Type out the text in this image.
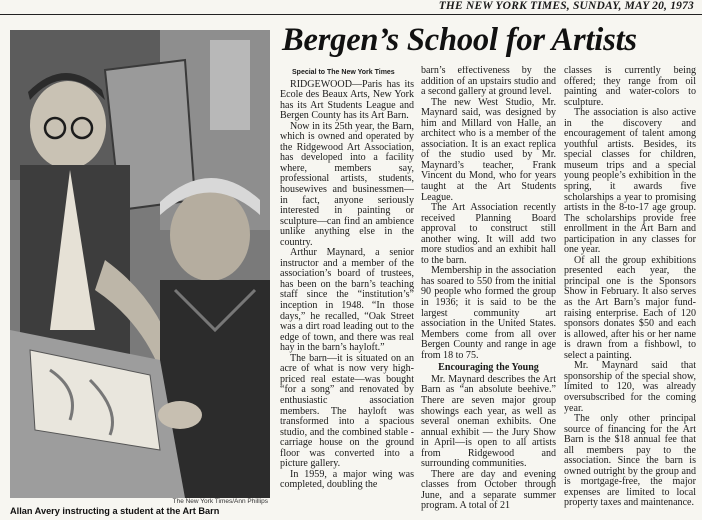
THE NEW YORK TIMES, SUNDAY, MAY 20, 1973
The New York Times/Ann Phillips
Allan Avery instructing a student at the Art Barn
Bergen’s School for Artists

Special to The New York Times

RIDGEWOOD—Paris has its Ecole des Beaux Arts, New York has its Art Students League and Bergen County has its Art Barn.

Now in its 25th year, the Barn, which is owned and operated by the Ridgewood Art Association, has developed into a facility where, members say, professional artists, students, housewives and businessmen—in fact, anyone seriously interested in painting or sculpture—can find an ambience unlike anything else in the country.

Arthur Maynard, a senior instructor and a member of the association’s board of trustees, has been on the barn’s teaching staff since the “institution’s” inception in 1948. “In those days,” he recalled, “Oak Street was a dirt road leading out to the edge of town, and there was real hay in the barn’s hayloft.”

The barn—it is situated on an acre of what is now very high-priced real estate—was bought “for a song” and renovated by enthusiastic association members. The hayloft was transformed into a spacious studio, and the combined stable - carriage house on the ground floor was converted into a picture gallery.

In 1959, a major wing was completed, doubling the

barn’s effectiveness by the addition of an upstairs studio and a second gallery at ground level.

The new West Studio, Mr. Maynard said, was designed by him and Millard von Halle, an architect who is a member of the association. It is an exact replica of the studio used by Mr. Maynard’s teacher, Frank Vincent du Mond, who for years taught at the Art Students League.

The Art Association recently received Planning Board approval to construct still another wing. It will add two more studios and an exhibit hall to the barn.

Membership in the association has soared to 550 from the initial 90 people who formed the group in 1936; it is said to be the largest community art association in the United States. Members come from all over Bergen County and range in age from 18 to 75.

Encouraging the Young

Mr. Maynard describes the Art Barn as “an absolute beehive.” There are seven major group showings each year, as well as several oneman exhibits. One annual exhibit — the Jury Show in April—is open to all artists from Ridgewood and surrounding communities.

There are day and evening classes from October through June, and a separate summer program. A total of 21

classes is currently being offered; they range from oil painting and water-colors to sculpture.

The association is also active in the discovery and encouragement of talent among youthful artists. Besides, its special classes for children, museum trips and a special young people’s exhibition in the spring, it awards five scholarships a year to promising artists in the 8-to-17 age group. The scholarships provide free enrollment in the Art Barn and participation in any classes for one year.

Of all the group exhibitions presented each year, the principal one is the Sponsors Show in February. It also serves as the Art Barn’s major fund-raising enterprise. Each of 120 sponsors donates $50 and each is allowed, after his or her name is drawn from a fishbowl, to select a painting.

Mr. Maynard said that sponsorship of the special show, limited to 120, was already oversubscribed for the coming year.

The only other principal source of financing for the Art Barn is the $18 annual fee that all members pay to the association. Since the barn is owned outright by the group and is mortgage-free, the major expenses are limited to local property taxes and maintenance.
